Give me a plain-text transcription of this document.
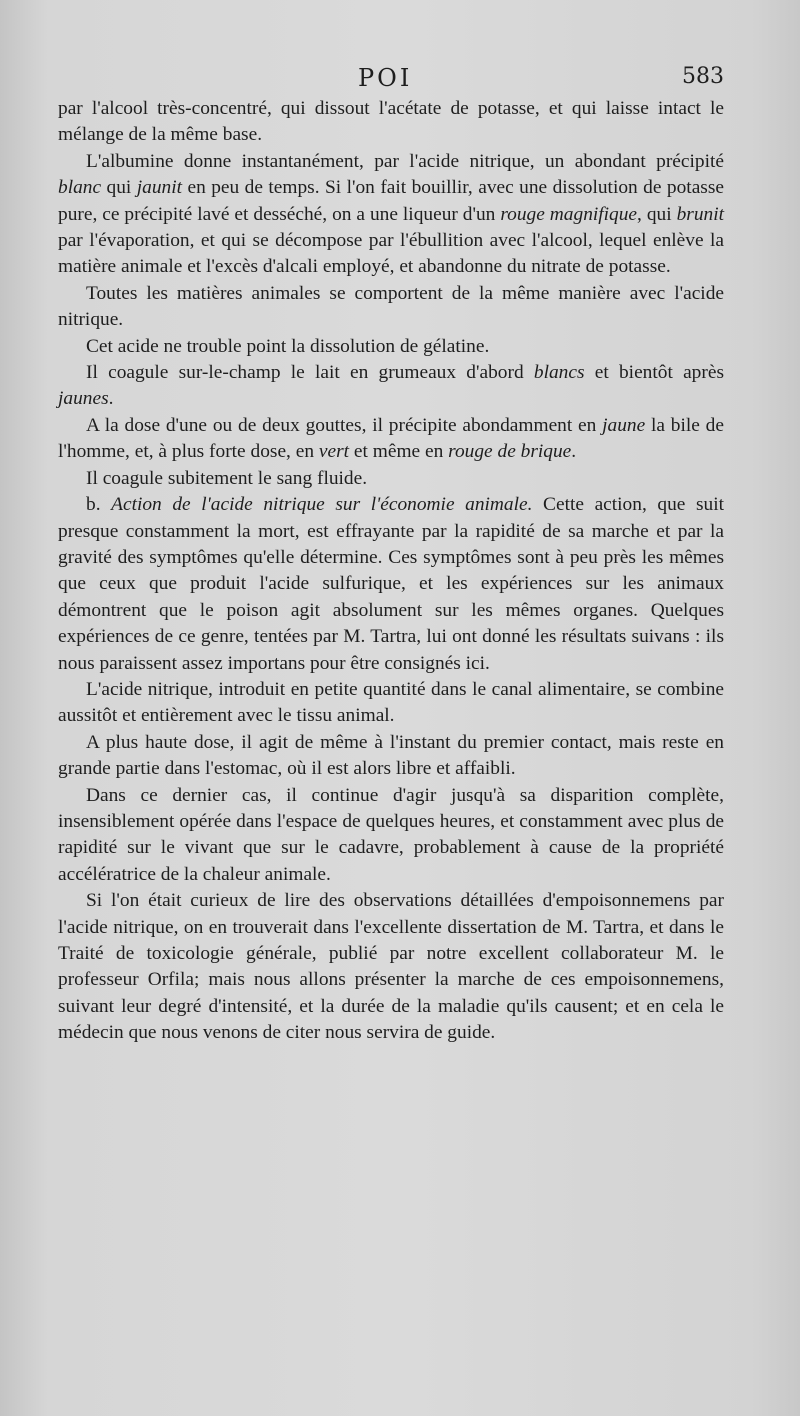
POI	583

par l'alcool très-concentré, qui dissout l'acétate de potasse, et qui laisse intact le mélange de la même base.

L'albumine donne instantanément, par l'acide nitrique, un abondant précipité blanc qui jaunit en peu de temps. Si l'on fait bouillir, avec une dissolution de potasse pure, ce précipité lavé et desséché, on a une liqueur d'un rouge magnifique, qui brunit par l'évaporation, et qui se décompose par l'ébullition avec l'alcool, lequel enlève la matière animale et l'excès d'alcali employé, et abandonne du nitrate de potasse.

Toutes les matières animales se comportent de la même manière avec l'acide nitrique.

Cet acide ne trouble point la dissolution de gélatine.

Il coagule sur-le-champ le lait en grumeaux d'abord blancs et bientôt après jaunes.

A la dose d'une ou de deux gouttes, il précipite abondamment en jaune la bile de l'homme, et, à plus forte dose, en vert et même en rouge de brique.

Il coagule subitement le sang fluide.

b. Action de l'acide nitrique sur l'économie animale. Cette action, que suit presque constamment la mort, est effrayante par la rapidité de sa marche et par la gravité des symptômes qu'elle détermine. Ces symptômes sont à peu près les mêmes que ceux que produit l'acide sulfurique, et les expériences sur les animaux démontrent que le poison agit absolument sur les mêmes organes. Quelques expériences de ce genre, tentées par M. Tartra, lui ont donné les résultats suivans : ils nous paraissent assez importans pour être consignés ici.

L'acide nitrique, introduit en petite quantité dans le canal alimentaire, se combine aussitôt et entièrement avec le tissu animal.

A plus haute dose, il agit de même à l'instant du premier contact, mais reste en grande partie dans l'estomac, où il est alors libre et affaibli.

Dans ce dernier cas, il continue d'agir jusqu'à sa disparition complète, insensiblement opérée dans l'espace de quelques heures, et constamment avec plus de rapidité sur le vivant que sur le cadavre, probablement à cause de la propriété accélératrice de la chaleur animale.

Si l'on était curieux de lire des observations détaillées d'empoisonnemens par l'acide nitrique, on en trouverait dans l'excellente dissertation de M. Tartra, et dans le Traité de toxicologie générale, publié par notre excellent collaborateur M. le professeur Orfila; mais nous allons présenter la marche de ces empoisonnemens, suivant leur degré d'intensité, et la durée de la maladie qu'ils causent; et en cela le médecin que nous venons de citer nous servira de guide.
